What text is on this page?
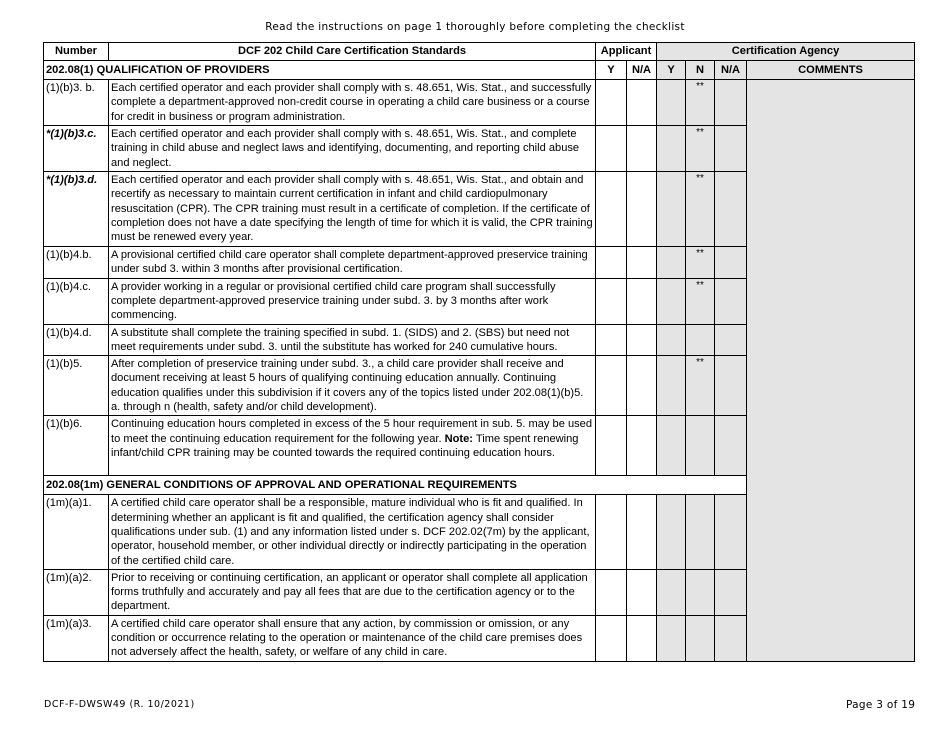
Read the instructions on page 1 thoroughly before completing the checklist
Number	DCF 202 Child Care Certification Standards	Applicant		Certification Agency			
202.08(1) QUALIFICATION OF PROVIDERS		Y	N/A	Y	N	N/A	COMMENTS
(1)(b)3. b.	Each certified operator and each provider shall comply with s. 48.651, Wis. Stat., and successfully complete a department-approved non-credit course in operating a child care business or a course for credit in business or program administration.				**		
*(1)(b)3.c.	Each certified operator and each provider shall comply with s. 48.651, Wis. Stat., and complete training in child abuse and neglect laws and identifying, documenting, and reporting child abuse and neglect.				**		
*(1)(b)3.d.	Each certified operator and each provider shall comply with s. 48.651, Wis. Stat., and obtain and recertify as necessary to maintain current certification in infant and child cardiopulmonary resuscitation (CPR). The CPR training must result in a certificate of completion. If the certificate of completion does not have a date specifying the length of time for which it is valid, the CPR training must be renewed every year.				**		
(1)(b)4.b.	A provisional certified child care operator shall complete department-approved preservice training under subd 3. within 3 months after provisional certification.				**		
(1)(b)4.c.	A provider working in a regular or provisional certified child care program shall successfully complete department-approved preservice training under subd. 3. by 3 months after work commencing.				**		
(1)(b)4.d.	A substitute shall complete the training specified in subd. 1. (SIDS) and 2. (SBS) but need not meet requirements under subd. 3. until the substitute has worked for 240 cumulative hours.						
(1)(b)5.	After completion of preservice training under subd. 3., a child care provider shall receive and document receiving at least 5 hours of qualifying continuing education annually. Continuing education qualifies under this subdivision if it covers any of the topics listed under 202.08(1)(b)5. a. through n (health, safety and/or child development).				**		
(1)(b)6.	Continuing education hours completed in excess of the 5 hour requirement in sub. 5. may be used to meet the continuing education requirement for the following year. Note: Time spent renewing infant/child CPR training may be counted towards the required continuing education hours.						
202.08(1m) GENERAL CONDITIONS OF APPROVAL AND OPERATIONAL REQUIREMENTS							
(1m)(a)1.	A certified child care operator shall be a responsible, mature individual who is fit and qualified. In determining whether an applicant is fit and qualified, the certification agency shall consider qualifications under sub. (1) and any information listed under s. DCF 202.02(7m) by the applicant, operator, household member, or other individual directly or indirectly participating in the operation of the certified child care.						
(1m)(a)2.	Prior to receiving or continuing certification, an applicant or operator shall complete all application forms truthfully and accurately and pay all fees that are due to the certification agency or to the department.						
(1m)(a)3.	A certified child care operator shall ensure that any action, by commission or omission, or any condition or occurrence relating to the operation or maintenance of the child care premises does not adversely affect the health, safety, or welfare of any child in care.						
DCF-F-DWSW49 (R. 10/2021)	Page 3 of 19
